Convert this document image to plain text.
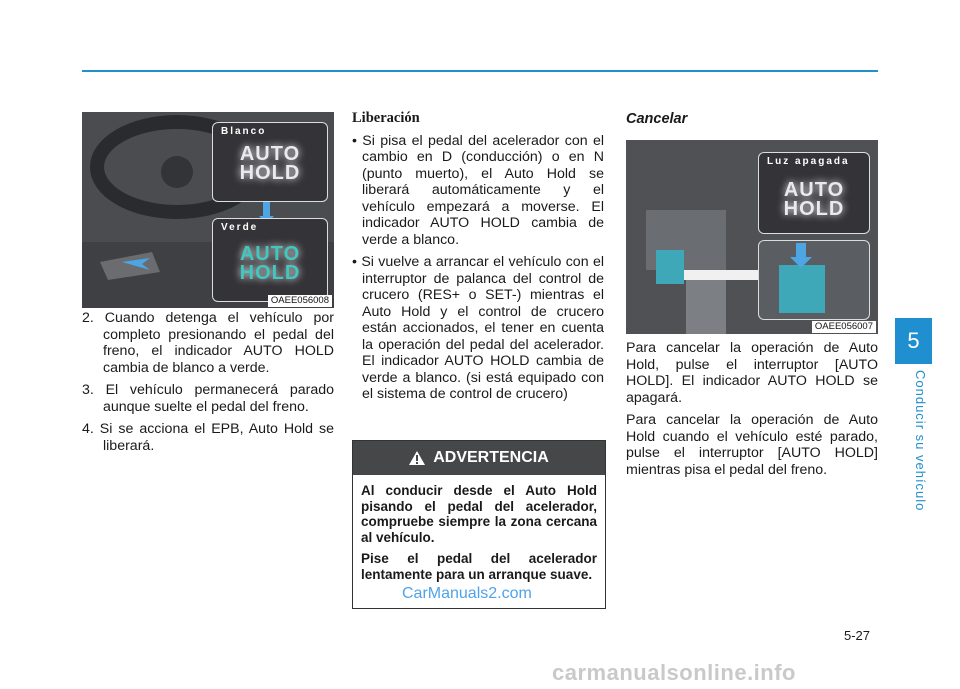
Blanco
AUTO HOLD
Verde
AUTO HOLD
OAEE056008

2. Cuando detenga el vehículo por completo presionando el pedal del freno, el indicador AUTO HOLD cambia de blanco a verde.

3. El vehículo permanecerá parado aunque suelte el pedal del freno.

4. Si se acciona el EPB, Auto Hold se liberará.

Liberación

• Si pisa el pedal del acelerador con el cambio en D (conducción) o en N (punto muerto), el Auto Hold se liberará automáticamente y el vehículo empezará a moverse. El indicador AUTO HOLD cambia de verde a blanco.

• Si vuelve a arrancar el vehículo con el interruptor de palanca del control de crucero (RES+ o SET-) mientras el Auto Hold y el control de crucero están accionados, el tener en cuenta la operación del pedal del acelerador. El indicador AUTO HOLD cambia de verde a blanco. (si está equipado con el sistema de control de crucero)

ADVERTENCIA

Al conducir desde el Auto Hold pisando el pedal del acelerador, compruebe siempre la zona cercana al vehículo.

Pise el pedal del acelerador lentamente para un arranque suave.

CarManuals2.com
Cancelar
Luz apagada
AUTO HOLD
OAEE056007

Para cancelar la operación de Auto Hold, pulse el interruptor [AUTO HOLD]. El indicador AUTO HOLD se apagará.

Para cancelar la operación de Auto Hold cuando el vehículo esté parado, pulse el interruptor [AUTO HOLD] mientras pisa el pedal del freno.

5
Conducir su vehículo
5-27
carmanualsonline.info
